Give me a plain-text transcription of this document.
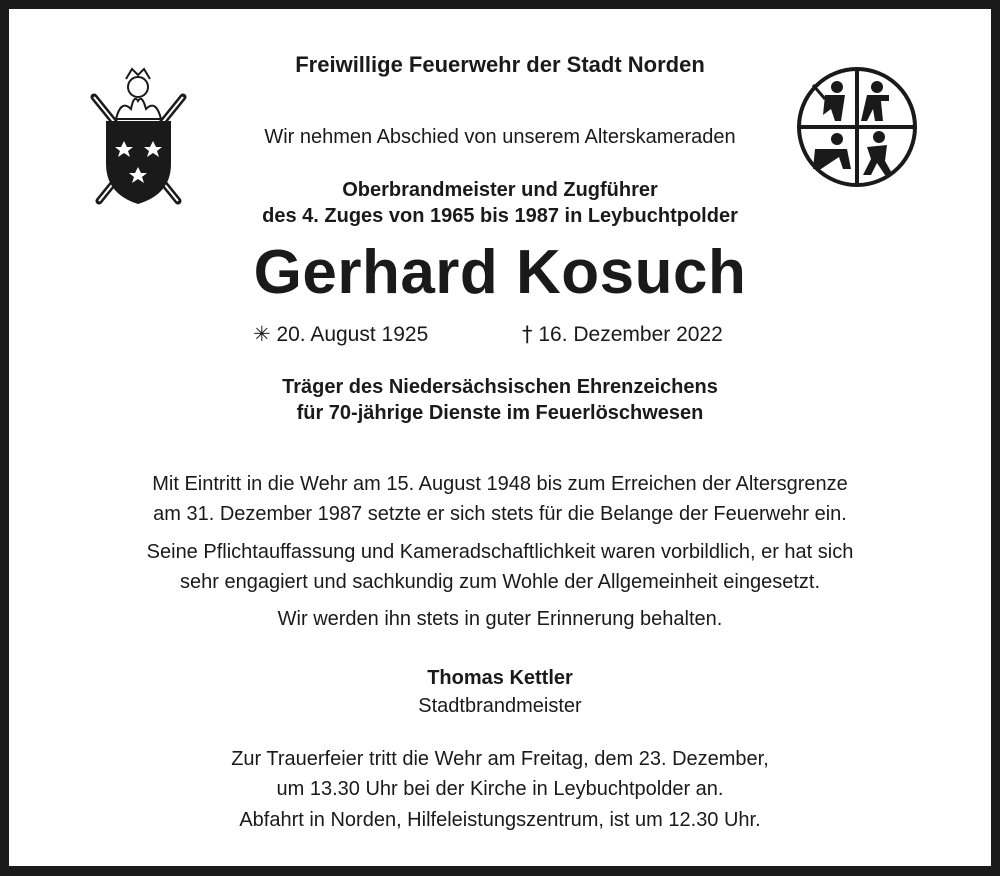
Freiwillige Feuerwehr der Stadt Norden
Wir nehmen Abschied von unserem Alterskameraden
Oberbrandmeister und Zugführer
des 4. Zuges von 1965 bis 1987 in Leybuchtpolder
Gerhard Kosuch
✳ 20. August 1925	† 16. Dezember 2022
Träger des Niedersächsischen Ehrenzeichens
für 70-jährige Dienste im Feuerlöschwesen
Mit Eintritt in die Wehr am 15. August 1948 bis zum Erreichen der Altersgrenze
am 31. Dezember 1987 setzte er sich stets für die Belange der Feuerwehr ein.
Seine Pflichtauffassung und Kameradschaftlichkeit waren vorbildlich, er hat sich
sehr engagiert und sachkundig zum Wohle der Allgemeinheit eingesetzt.
Wir werden ihn stets in guter Erinnerung behalten.
Thomas Kettler
Stadtbrandmeister
Zur Trauerfeier tritt die Wehr am Freitag, dem 23. Dezember,
um 13.30 Uhr bei der Kirche in Leybuchtpolder an.
Abfahrt in Norden, Hilfeleistungszentrum, ist um 12.30 Uhr.
